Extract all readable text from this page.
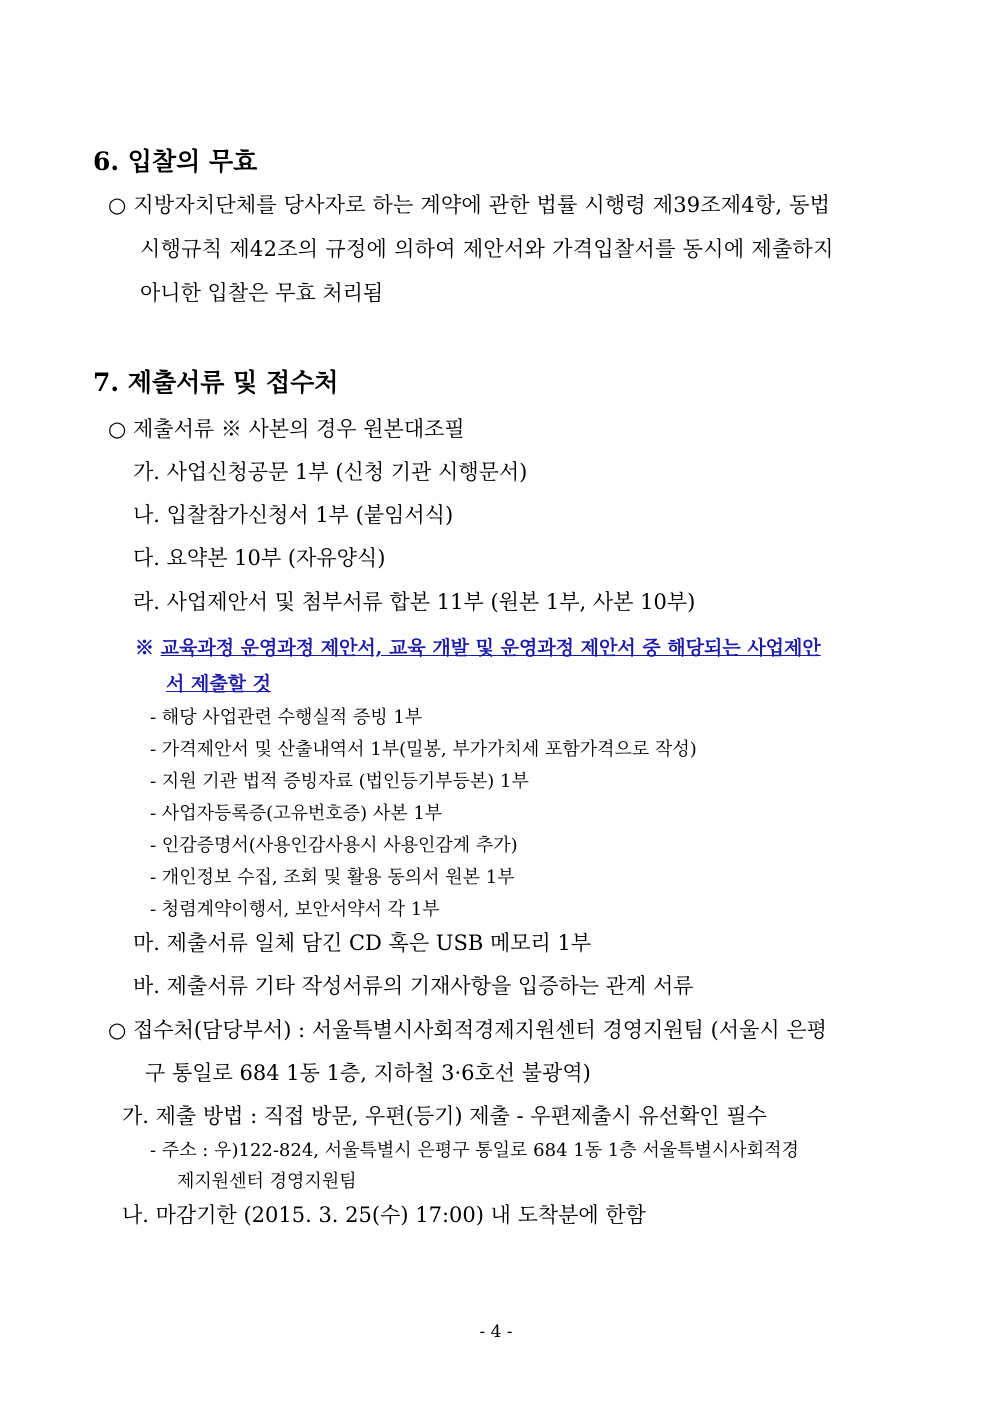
6. 입찰의 무효
○ 지방자치단체를 당사자로 하는 계약에 관한 법률 시행령 제39조제4항, 동법
시행규칙 제42조의 규정에 의하여 제안서와 가격입찰서를 동시에 제출하지
아니한 입찰은 무효 처리됨
7. 제출서류 및 접수처
○ 제출서류 ※ 사본의 경우 원본대조필
가. 사업신청공문 1부 (신청 기관 시행문서)
나. 입찰참가신청서 1부 (붙임서식)
다. 요약본 10부 (자유양식)
라. 사업제안서 및 첨부서류 합본 11부 (원본 1부, 사본 10부)
※ 교육과정 운영과정 제안서, 교육 개발 및 운영과정 제안서 중 해당되는 사업제안
서 제출할 것
- 해당 사업관련 수행실적 증빙 1부
- 가격제안서 및 산출내역서 1부(밀봉, 부가가치세 포함가격으로 작성)
- 지원 기관 법적 증빙자료 (법인등기부등본) 1부
- 사업자등록증(고유번호증) 사본 1부
- 인감증명서(사용인감사용시 사용인감계 추가)
- 개인정보 수집, 조회 및 활용 동의서 원본 1부
- 청렴계약이행서, 보안서약서 각 1부
마. 제출서류 일체 담긴 CD 혹은 USB 메모리 1부
바. 제출서류 기타 작성서류의 기재사항을 입증하는 관계 서류
○ 접수처(담당부서) : 서울특별시사회적경제지원센터 경영지원팀 (서울시 은평
구 통일로 684 1동 1층, 지하철 3·6호선 불광역)
가. 제출 방법 : 직접 방문, 우편(등기) 제출 - 우편제출시 유선확인 필수
- 주소 : 우)122-824, 서울특별시 은평구 통일로 684 1동 1층 서울특별시사회적경
제지원센터 경영지원팀
나. 마감기한 (2015. 3. 25(수) 17:00) 내 도착분에 한함
- 4 -
